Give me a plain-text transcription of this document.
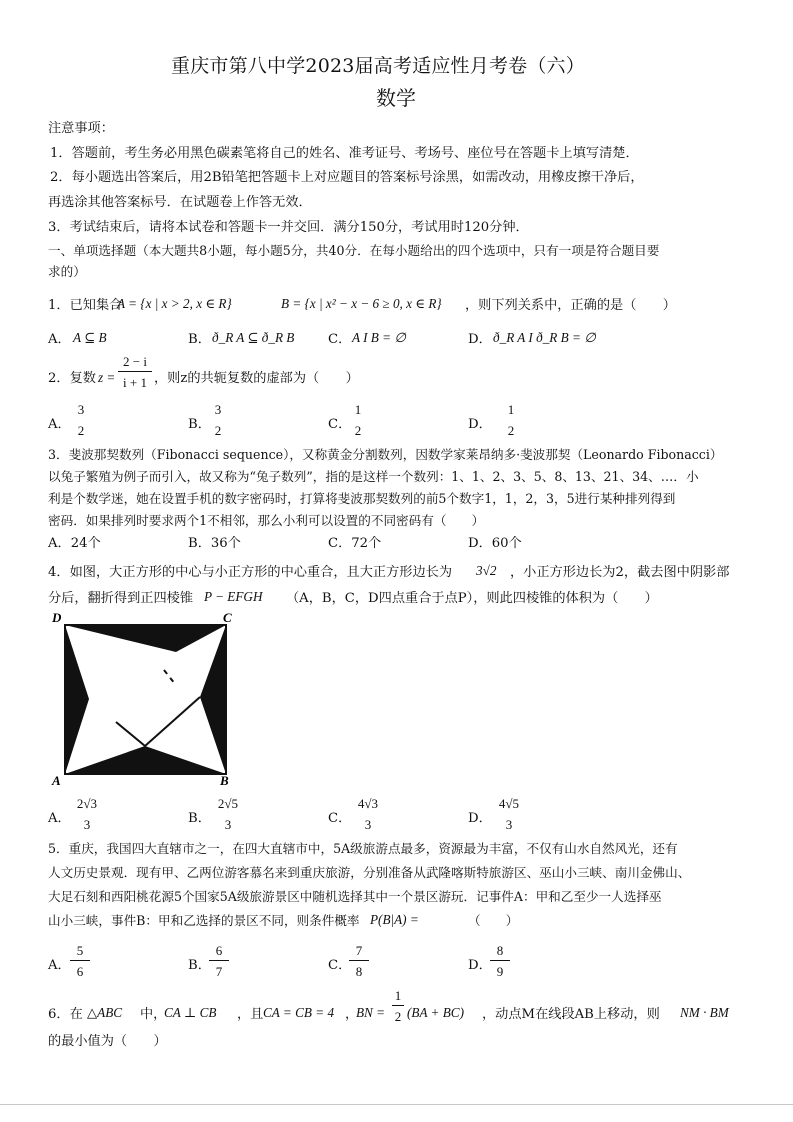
重庆市第八中学2023届高考适应性月考卷（六）
数学
注意事项：
1．答题前，考生务必用黑色碳素笔将自己的姓名、准考证号、考场号、座位号在答题卡上填写清楚．
2．每小题选出答案后，用2B铅笔把答题卡上对应题目的答案标号涂黑，如需改动，用橡皮擦干净后，
再选涂其他答案标号．在试题卷上作答无效．
3．考试结束后，请将本试卷和答题卡一并交回．满分150分，考试用时120分钟．
一、单项选择题（本大题共8小题，每小题5分，共40分．在每小题给出的四个选项中，只有一项是符合题目要
求的）
1．已知集合
A = {x | x > 2, x ∈ R}	B = {x | x² − x − 6 ≥ 0, x ∈ R} ，则下列关系中，正确的是（　　）
A． A ⊆ B	B． ð_R A ⊆ ð_R B	C． A I B = ∅	D． ð_R A I ð_R B = ∅
2．复数 z =
2 − i
i + 1 ，则z的共轭复数的虚部为（　　）
A．
3
2	B．
3
2	C．
1
2	D．
1
2
3．斐波那契数列（Fibonacci sequence），又称黄金分割数列，因数学家莱昂纳多·斐波那契（Leonardo Fibonacci）
以兔子繁殖为例子而引入，故又称为“兔子数列”，指的是这样一个数列：1、1、2、3、5、8、13、21、34、…．小
利是个数学迷，她在设置手机的数字密码时，打算将斐波那契数列的前5个数字1，1，2，3，5进行某种排列得到
密码．如果排列时要求两个1不相邻，那么小利可以设置的不同密码有（　　）
A．24个	B．36个	C．72个	D．60个
4．如图，大正方形的中心与小正方形的中心重合，且大正方形边长为 3√2 ，小正方形边长为2，截去图中阴影部
分后，翻折得到正四棱锥 P − EFGH （A，B，C，D四点重合于点P），则此四棱锥的体积为（　　）
D	C
A	B
A．
2√3
3	B．
2√5
3	C．
4√3
3	D．
4√5
3
5．重庆，我国四大直辖市之一，在四大直辖市中，5A级旅游点最多，资源最为丰富，不仅有山水自然风光，还有
人文历史景观．现有甲、乙两位游客慕名来到重庆旅游，分别准备从武隆喀斯特旅游区、巫山小三峡、南川金佛山、
大足石刻和西阳桃花源5个国家5A级旅游景区中随机选择其中一个景区游玩．记事件A：甲和乙至少一人选择巫
山小三峡，事件B：甲和乙选择的景区不同，则条件概率 P(B|A) =	（　　）
A．
5
6	B．
6
7	C．
7
8	D．
8
9
6．在 △ABC 中，
CA ⊥ CB ，且 CA = CB = 4 ，
BN =
1
2 (BA + BC) ，动点M在线段AB上移动，则 NM · BM
的最小值为（　　）
